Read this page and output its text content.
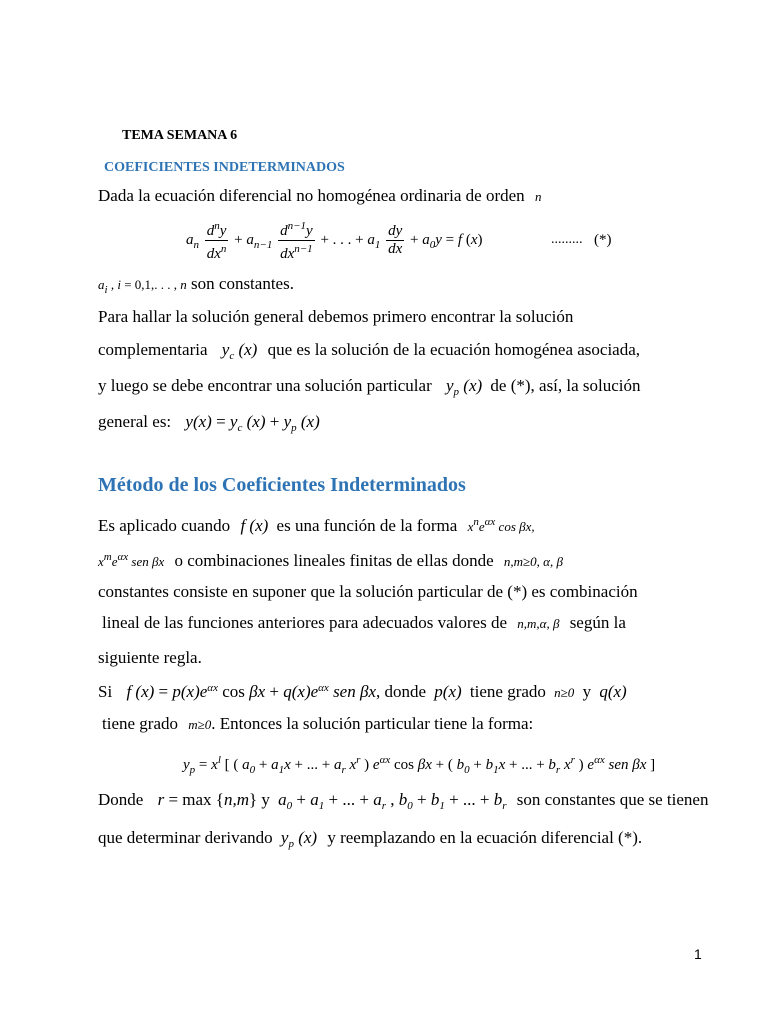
TEMA SEMANA 6
COEFICIENTES INDETERMINADOS
Dada la ecuación diferencial no homogénea ordinaria de orden n
$a_n \frac{d^ny}{dx^n} + a_{n-1} \frac{d^{n-1}y}{dx^{n-1}}$ + . . . + $a_1 \frac{dy}{dx} + a_0y = f$ (x)	......... (*)
$a_i$ , i = 0,1,. . . , n son constantes.
Para hallar la solución general debemos primero encontrar la solución
complementaria $y_c$ (x) que es la solución de la ecuación homogénea asociada,
y luego se debe encontrar una solución particular $y_p$ (x) de (*), así, la solución
general es: $y(x) = y_c$ $(x) + y_p$ (x)
Método de los Coeficientes Indeterminados
Es aplicado cuando f (x) es una función de la forma $x^ne^{\alpha x}$ cos βx,
$x^me^{\alpha x}$ sen βx o combinaciones lineales finitas de ellas donde n,m≥0, α, β
constantes consiste en suponer que la solución particular de (*) es combinación
lineal de las funciones anteriores para adecuados valores de n,m,α, β según la
siguiente regla.
Si f $(x) = p(x)e^{\alpha x}$ $\cos \beta x + q(x)e^{\alpha x}$ sen βx, donde p(x) tiene grado n≥0 y q(x)
tiene grado m≥0. Entonces la solución particular tiene la forma:
$y_p = x^l$ [ ( $a_0 + a_1x$ + ... + $a_r$ $x^r$ ) $e^{\alpha x}$ cos βx + ( $b_0 + b_1x$ + ... + $b_r$ $x^r$ ) $e^{\alpha x}$ sen βx ]
Donde r = max {n,m} y $a_0 + a_1$ + ... + $a_r$ , $b_0 + b_1$ + ... + $b_r$ son constantes que se tienen
que determinar derivando $y_p$ (x) y reemplazando en la ecuación diferencial (*).
1
